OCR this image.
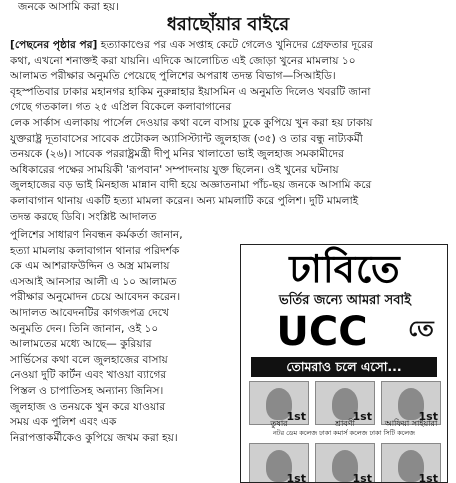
জনকে আসামি করা হয়।
ধরাছোঁয়ার বাইরে
[পেছনের পৃষ্ঠার পর] হত্যাকাণ্ডের পর এক সপ্তাহ কেটে গেলেও খুনিদের গ্রেফতার দূরের
কথা, এখনো শনাক্তই করা যায়নি। এদিকে আলোচিত এই জোড়া খুনের মামলায় ১০
আলামত পরীক্ষার অনুমতি পেয়েছে পুলিশের অপরাধ তদন্ত বিভাগ—সিআইডি।
বৃহস্পতিবার ঢাকার মহানগর হাকিম নুরুন্নাহার ইয়াসমিন এ অনুমতি দিলেও খবরটি জানা
গেছে গতকাল। গত ২৫ এপ্রিল বিকেলে কলাবাগানের
লেক সার্কাস এলাকায় পার্সেল দেওয়ার কথা বলে বাসায় ঢুকে কুপিয়ে খুন করা হয় ঢাকায়
যুক্তরাষ্ট্র দূতাবাসের সাবেক প্রটোকল অ্যাসিস্ট্যান্ট জুলহাজ (৩৫) ও তার বন্ধু নাট্যকর্মী
তনয়কে (২৬)। সাবেক পররাষ্ট্রমন্ত্রী দীপু মনির খালাতো ভাই জুলহাজ সমকামীদের
অধিকারের পক্ষের সাময়িকী 'রূপবান' সম্পাদনায় যুক্ত ছিলেন। ওই খুনের ঘটনায়
জুলহাজের বড় ভাই মিনহাজ মান্নান বাদী হয়ে অজ্ঞাতনামা পাঁচ-ছয় জনকে আসামি করে
কলাবাগান থানায় একটি হত্যা মামলা করেন। অন্য মামলাটি করে পুলিশ। দুটি মামলাই
তদন্ত করছে ডিবি। সংশ্লিষ্ট আদালত
পুলিশের সাধারণ নিবন্ধন কর্মকর্তা জানান,
হত্যা মামলায় কলাবাগান থানার পরিদর্শক
কে এম আশরাফউদ্দিন ও অস্ত্র মামলায়
এসআই আনসার আলী এ ১০ আলামত
পরীক্ষার অনুমোদন চেয়ে আবেদন করেন।
আদালত আবেদনটির কাগজপত্র দেখে
অনুমতি দেন। তিনি জানান, ওই ১০
আলামতের মধ্যে আছে— কুরিয়ার
সার্ভিসের কথা বলে জুলহাজের বাসায়
নেওয়া দুটি কার্টন এবং খাওয়া ব্যাগের
পিস্তল ও চাপাতিসহ অন্যান্য জিনিস।
জুলহাজ ও তনয়কে খুন করে যাওয়ার
সময় এক পুলিশ এবং এক
নিরাপত্তাকর্মীকেও কুপিয়ে জখম করা হয়।
ঢাবিতে
ভর্তির জন্যে আমরা সবাই
UCC	তে
তোমরাও চলে এসো...
1st	1st	1st
তুষার	শ্রাবণী	আফিয়া সাইয়ারা
নটর ডেম কলেজ ঢাকা কমার্স কলেজ ঢাকা সিটি কলেজ
1st	1st	1st
